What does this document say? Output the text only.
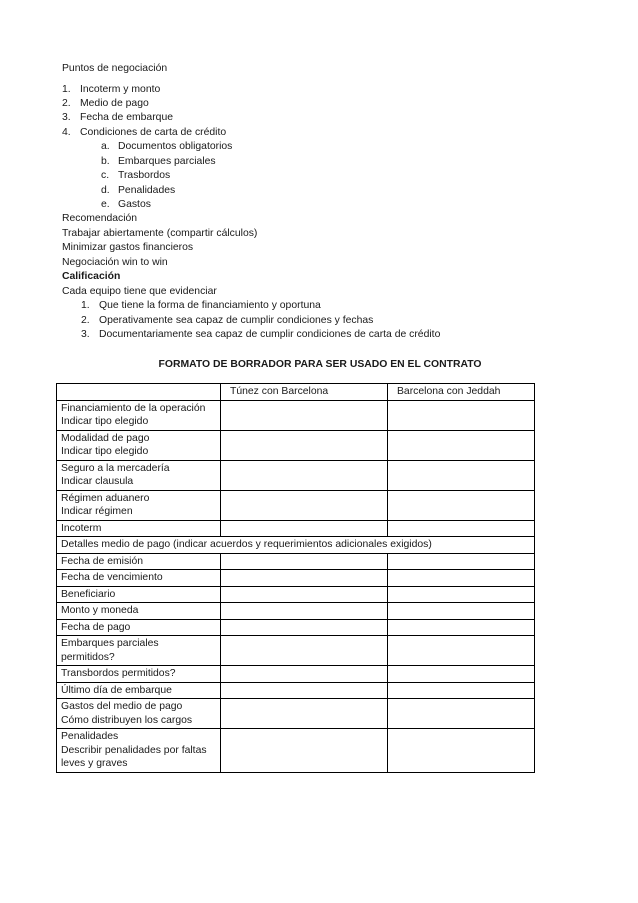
Puntos de negociación
1. Incoterm y monto
2. Medio de pago
3. Fecha de embarque
4. Condiciones de carta de crédito
a. Documentos obligatorios
b. Embarques parciales
c. Trasbordos
d. Penalidades
e. Gastos
Recomendación
Trabajar abiertamente (compartir cálculos)
Minimizar gastos financieros
Negociación win to win
Calificación
Cada equipo tiene que evidenciar
1. Que tiene la forma de financiamiento y oportuna
2. Operativamente sea capaz de cumplir condiciones y fechas
3. Documentariamente sea capaz de cumplir condiciones de carta de crédito
FORMATO DE BORRADOR PARA SER USADO EN EL CONTRATO
	Túnez con Barcelona	Barcelona con Jeddah

Financiamiento de la operación
Indicar tipo elegido		

Modalidad de pago
Indicar tipo elegido		

Seguro a la mercadería
Indicar clausula		

Régimen aduanero
Indicar régimen		

Incoterm		

Detalles medio de pago (indicar acuerdos y requerimientos adicionales exigidos)		

Fecha de emisión		

Fecha de vencimiento		

Beneficiario		

Monto y moneda		

Fecha de pago		

Embarques parciales
permitidos?		

Transbordos permitidos?		

Último día de embarque		

Gastos del medio de pago
Cómo distribuyen los cargos		

Penalidades
Describir penalidades por faltas
leves y graves		
